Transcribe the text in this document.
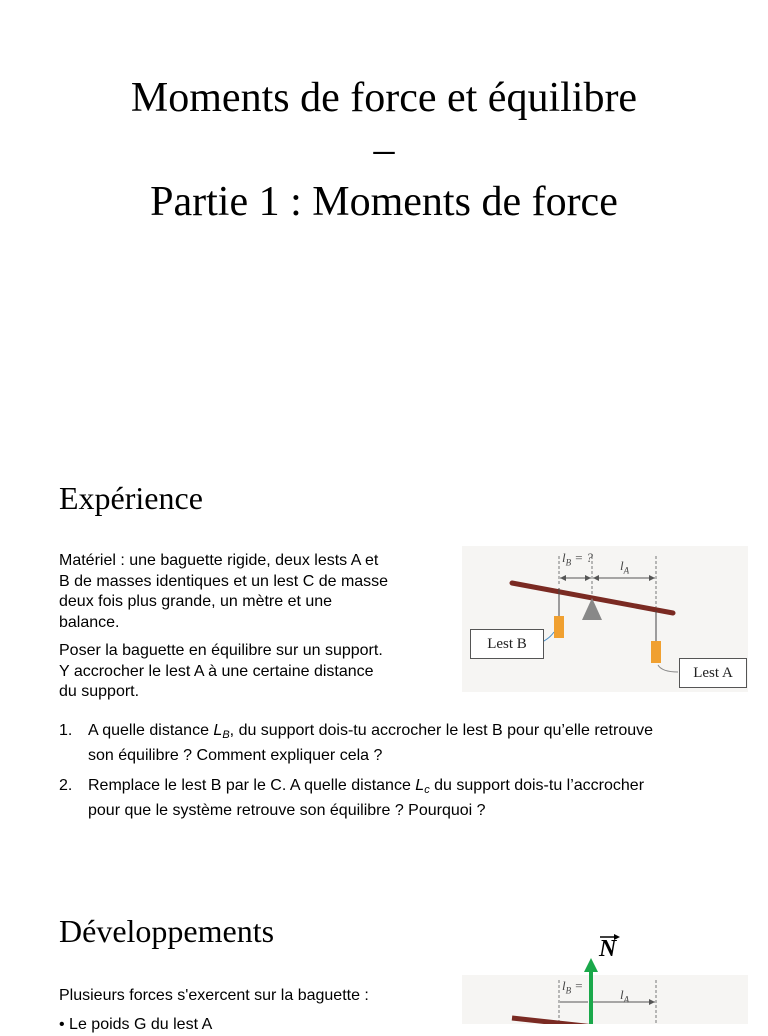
Moments de force et équilibre
–
Partie 1 : Moments de force
Expérience

Matériel : une baguette rigide, deux lests A et
B de masses identiques et un lest C de masse
deux fois plus grande, un mètre et une
balance.

Poser la baguette en équilibre sur un support.
Y accrocher le lest A à une certaine distance
du support.

$l_B$ = ?
$l_A$
Lest B
Lest A
1. A quelle distance $L_B$, du support dois-tu accrocher le lest B pour qu’elle retrouve
son équilibre ? Comment expliquer cela ?
2. Remplace le lest B par le C. A quelle distance $L_c$ du support dois-tu l’accrocher
pour que le système retrouve son équilibre ? Pourquoi ?
Développements
Plusieurs forces s'exercent sur la baguette :
• Le poids G du lest A
N
$l_B$ =
$l_A$
